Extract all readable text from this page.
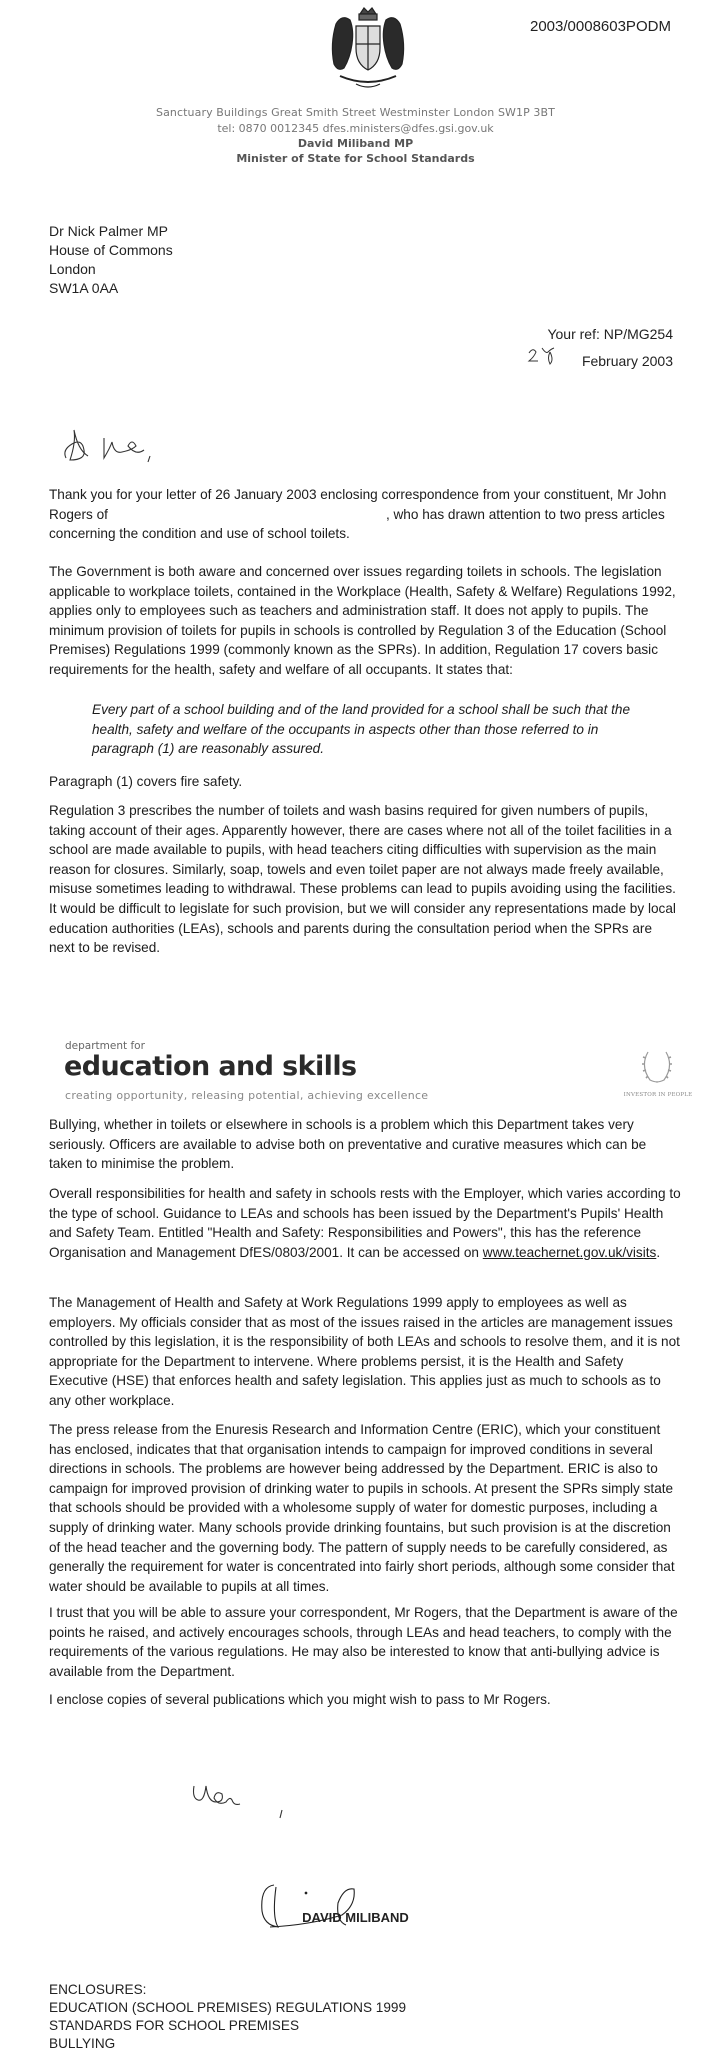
2003/0008603PODM
Sanctuary Buildings Great Smith Street Westminster London SW1P 3BT
tel: 0870 0012345 dfes.ministers@dfes.gsi.gov.uk
David Miliband MP
Minister of State for School Standards
Dr Nick Palmer MP
House of Commons
London
SW1A 0AA
Your ref: NP/MG254
February 2003
Thank you for your letter of 26 January 2003 enclosing correspondence from your constituent, Mr John Rogers of	, who has drawn attention to two press articles concerning the condition and use of school toilets.
The Government is both aware and concerned over issues regarding toilets in schools. The legislation applicable to workplace toilets, contained in the Workplace (Health, Safety & Welfare) Regulations 1992, applies only to employees such as teachers and administration staff. It does not apply to pupils. The minimum provision of toilets for pupils in schools is controlled by Regulation 3 of the Education (School Premises) Regulations 1999 (commonly known as the SPRs). In addition, Regulation 17 covers basic requirements for the health, safety and welfare of all occupants. It states that:
Every part of a school building and of the land provided for a school shall be such that the health, safety and welfare of the occupants in aspects other than those referred to in paragraph (1) are reasonably assured.
Paragraph (1) covers fire safety.
Regulation 3 prescribes the number of toilets and wash basins required for given numbers of pupils, taking account of their ages. Apparently however, there are cases where not all of the toilet facilities in a school are made available to pupils, with head teachers citing difficulties with supervision as the main reason for closures. Similarly, soap, towels and even toilet paper are not always made freely available, misuse sometimes leading to withdrawal. These problems can lead to pupils avoiding using the facilities. It would be difficult to legislate for such provision, but we will consider any representations made by local education authorities (LEAs), schools and parents during the consultation period when the SPRs are next to be revised.
department for
education and skills
creating opportunity, releasing potential, achieving excellence	INVESTOR IN PEOPLE
Bullying, whether in toilets or elsewhere in schools is a problem which this Department takes very seriously. Officers are available to advise both on preventative and curative measures which can be taken to minimise the problem.
Overall responsibilities for health and safety in schools rests with the Employer, which varies according to the type of school. Guidance to LEAs and schools has been issued by the Department's Pupils' Health and Safety Team. Entitled "Health and Safety: Responsibilities and Powers", this has the reference Organisation and Management DfES/0803/2001. It can be accessed on www.teachernet.gov.uk/visits.
The Management of Health and Safety at Work Regulations 1999 apply to employees as well as employers. My officials consider that as most of the issues raised in the articles are management issues controlled by this legislation, it is the responsibility of both LEAs and schools to resolve them, and it is not appropriate for the Department to intervene. Where problems persist, it is the Health and Safety Executive (HSE) that enforces health and safety legislation. This applies just as much to schools as to any other workplace.
The press release from the Enuresis Research and Information Centre (ERIC), which your constituent has enclosed, indicates that that organisation intends to campaign for improved conditions in several directions in schools. The problems are however being addressed by the Department. ERIC is also to campaign for improved provision of drinking water to pupils in schools. At present the SPRs simply state that schools should be provided with a wholesome supply of water for domestic purposes, including a supply of drinking water. Many schools provide drinking fountains, but such provision is at the discretion of the head teacher and the governing body. The pattern of supply needs to be carefully considered, as generally the requirement for water is concentrated into fairly short periods, although some consider that water should be available to pupils at all times.
I trust that you will be able to assure your correspondent, Mr Rogers, that the Department is aware of the points he raised, and actively encourages schools, through LEAs and head teachers, to comply with the requirements of the various regulations. He may also be interested to know that anti-bullying advice is available from the Department.
I enclose copies of several publications which you might wish to pass to Mr Rogers.
DAVID MILIBAND
ENCLOSURES:
EDUCATION (SCHOOL PREMISES) REGULATIONS 1999
STANDARDS FOR SCHOOL PREMISES
BULLYING
